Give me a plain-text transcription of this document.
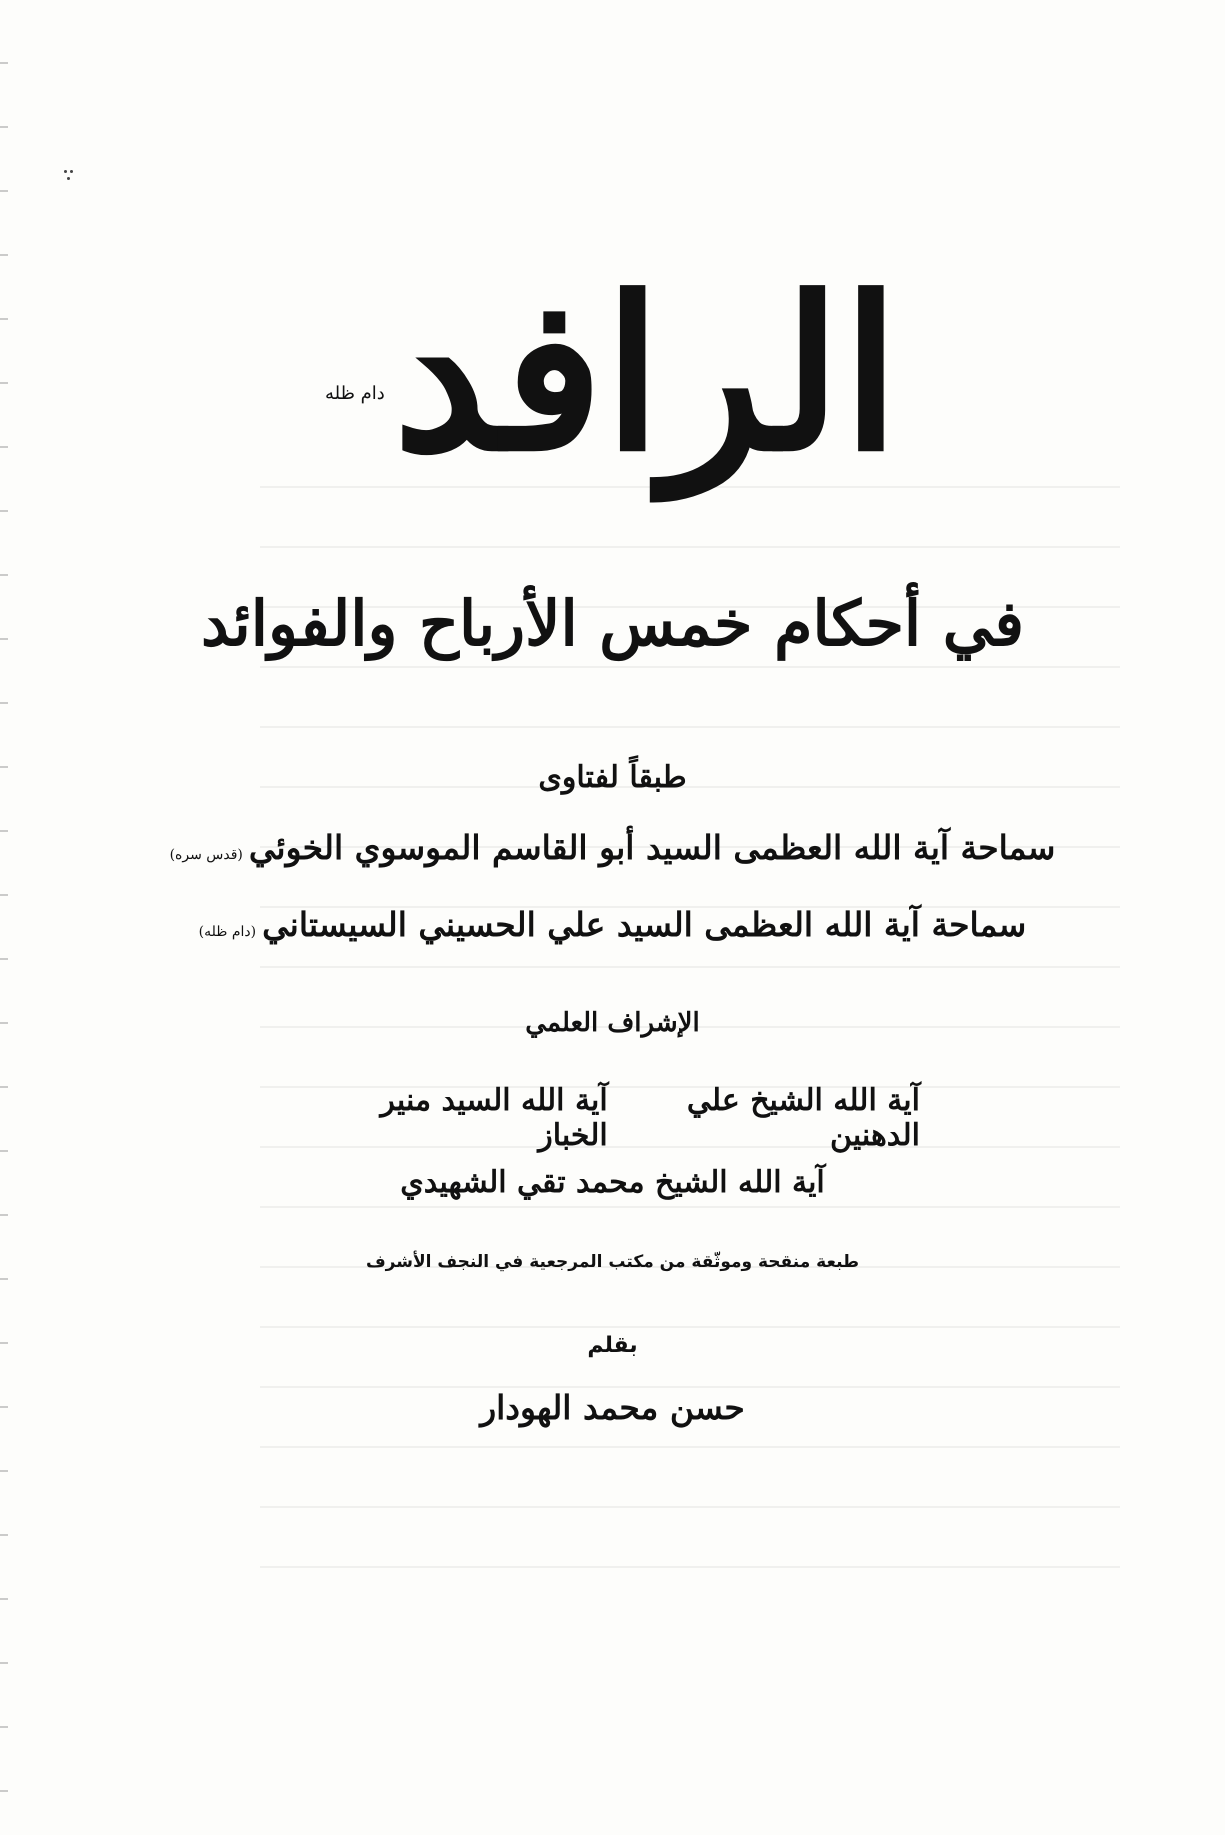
الرافددام ظله
في أحكام خمس الأرباح والفوائد
طبقاً لفتاوى
سماحة آية الله العظمى السيد أبو القاسم الموسوي الخوئي(قدس سره)
سماحة آية الله العظمى السيد علي الحسيني السيستاني(دام ظله)
الإشراف العلمي
آية الله الشيخ علي الدهنين
آية الله السيد منير الخباز
آية الله الشيخ محمد تقي الشهيدي
طبعة منقحة وموثّقة من مكتب المرجعية في النجف الأشرف
بقلم
حسن محمد الهودار
